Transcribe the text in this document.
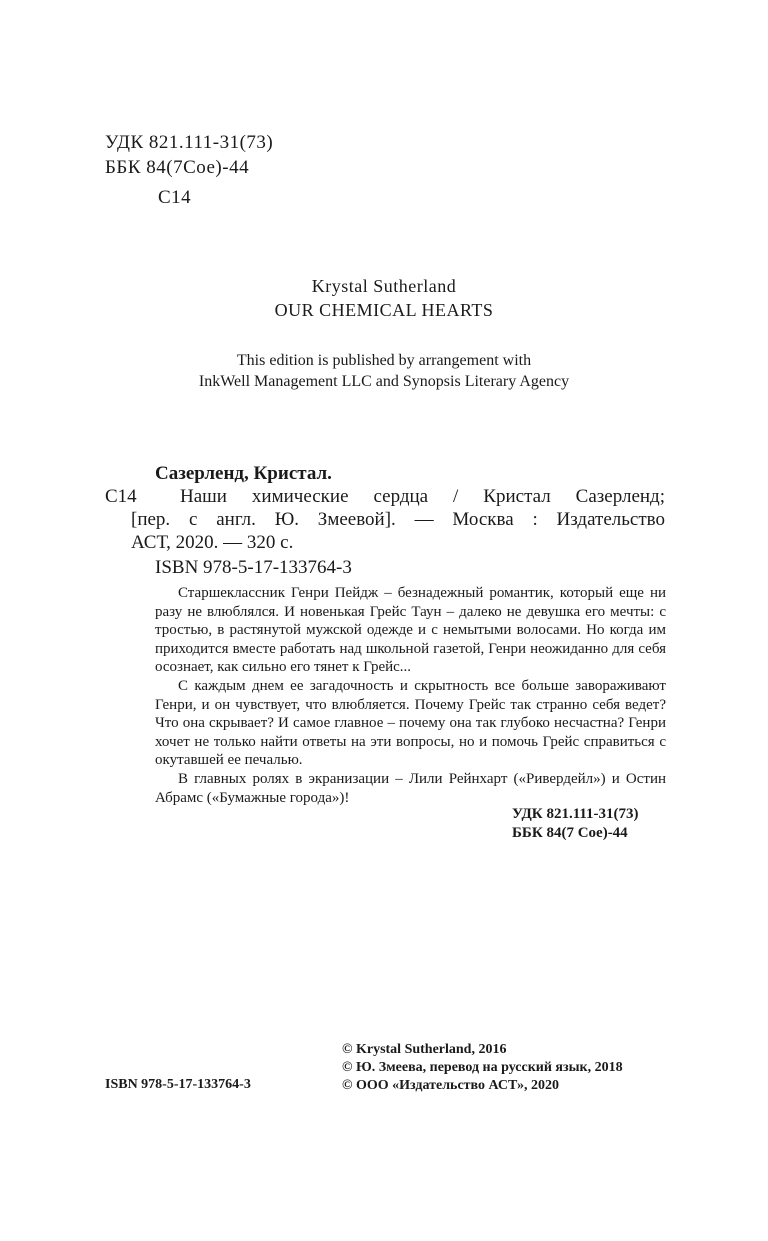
УДК 821.111-31(73)
ББК 84(7Сое)-44
С14
Krystal Sutherland
OUR CHEMICAL HEARTS
This edition is published by arrangement with
InkWell Management LLC and Synopsis Literary Agency
Сазерленд, Кристал.
С14 Наши химические сердца / Кристал Сазерленд;
[пер. с англ. Ю. Змеевой]. — Москва : Издательство
АСТ, 2020. — 320 с.
ISBN 978-5-17-133764-3

Старшеклассник Генри Пейдж – безнадежный романтик, который еще ни разу не влюблялся. И новенькая Грейс Таун – далеко не девушка его мечты: с тростью, в растянутой мужской одежде и с немытыми волосами. Но когда им приходится вместе работать над школьной газетой, Генри неожиданно для себя осознает, как сильно его тянет к Грейс...

С каждым днем ее загадочность и скрытность все больше завораживают Генри, и он чувствует, что влюбляется. Почему Грейс так странно себя ведет? Что она скрывает? И самое главное – почему она так глубоко несчастна? Генри хочет не только найти ответы на эти вопросы, но и помочь Грейс справиться с окутавшей ее печалью.

В главных ролях в экранизации – Лили Рейнхарт («Ривердейл») и Остин Абрамс («Бумажные города»)!

УДК 821.111-31(73)
ББК 84(7 Сое)-44
ISBN 978-5-17-133764-3
© Krystal Sutherland, 2016
© Ю. Змеева, перевод на русский язык, 2018
© ООО «Издательство АСТ», 2020
